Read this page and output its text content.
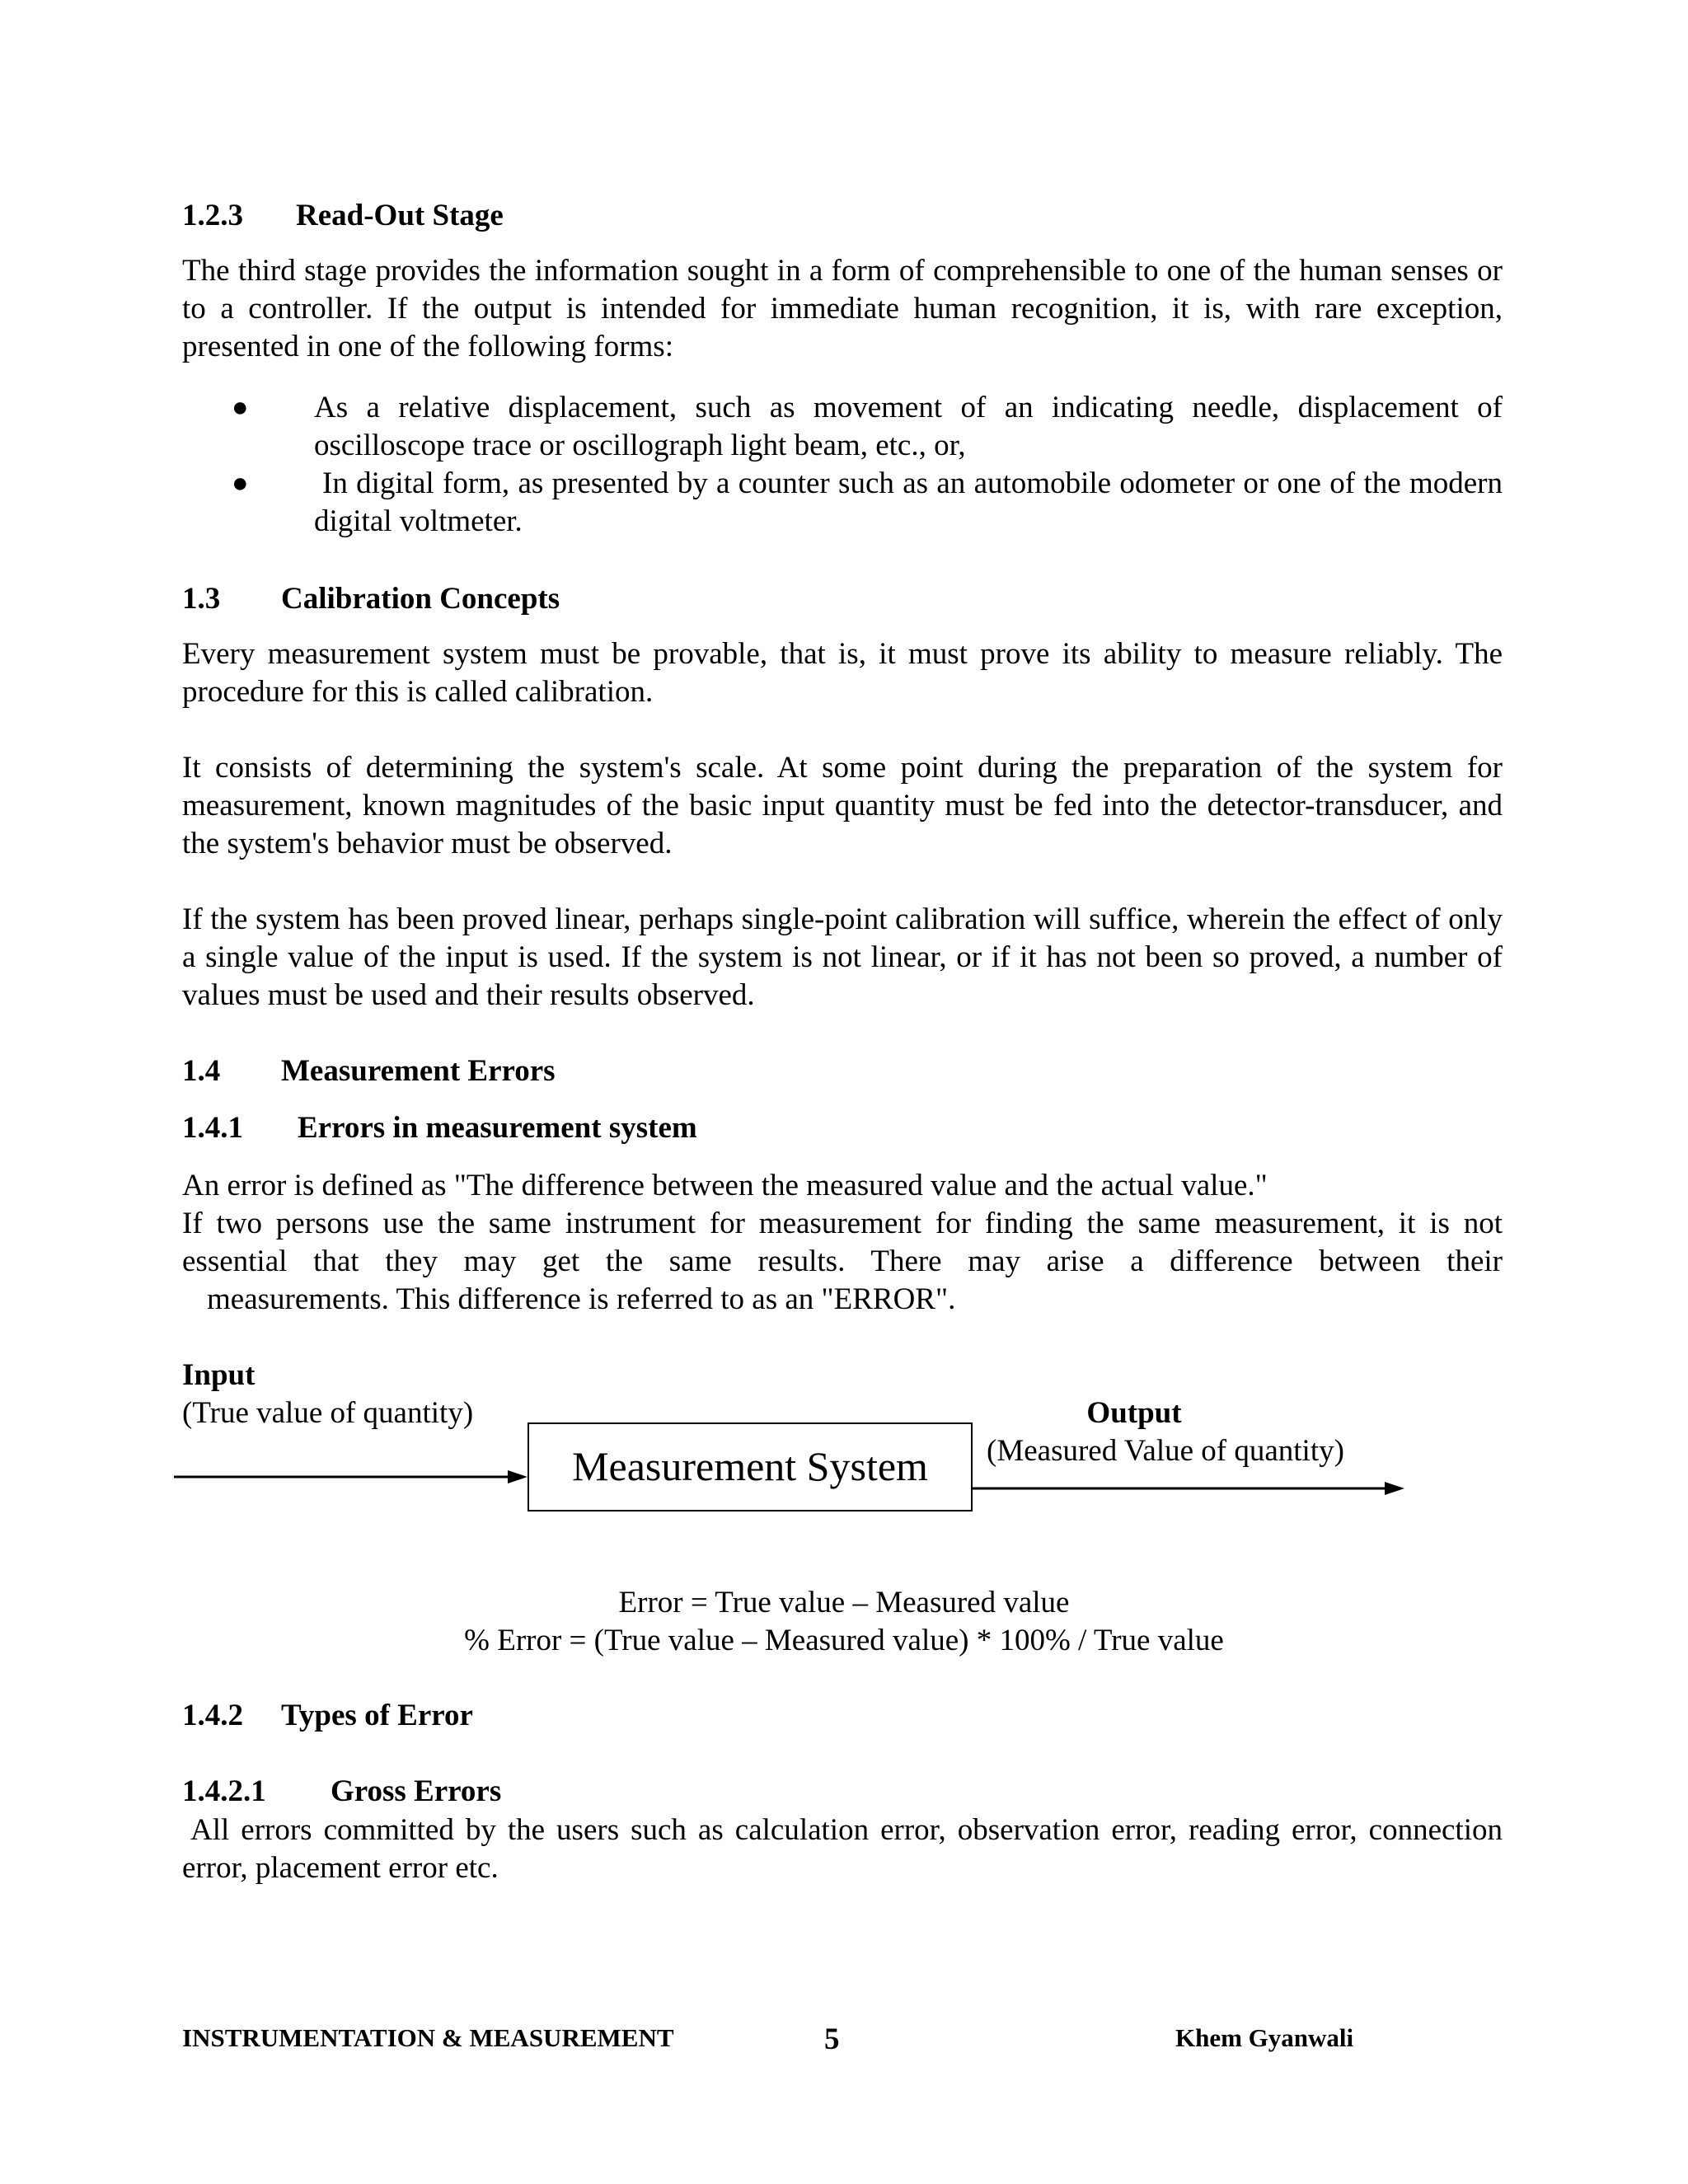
1.2.3 Read-Out Stage

The third stage provides the information sought in a form of comprehensible to one of the human senses or to a controller. If the output is intended for immediate human recognition, it is, with rare exception, presented in one of the following forms:

● As a relative displacement, such as movement of an indicating needle, displacement of oscilloscope trace or oscillograph light beam, etc., or,
● In digital form, as presented by a counter such as an automobile odometer or one of the modern digital voltmeter.
1.3 Calibration Concepts

Every measurement system must be provable, that is, it must prove its ability to measure reliably. The procedure for this is called calibration.

It consists of determining the system's scale. At some point during the preparation of the system for measurement, known magnitudes of the basic input quantity must be fed into the detector-transducer, and the system's behavior must be observed.

If the system has been proved linear, perhaps single-point calibration will suffice, wherein the effect of only a single value of the input is used. If the system is not linear, or if it has not been so proved, a number of values must be used and their results observed.

1.4 Measurement Errors
1.4.1 Errors in measurement system

An error is defined as "The difference between the measured value and the actual value."

If two persons use the same instrument for measurement for finding the same measurement, it is not essential that they may get the same results. There may arise a difference between their

measurements. This difference is referred to as an "ERROR".

Input
(True value of quantity)
Measurement System
Output
(Measured Value of quantity)
Error = True value – Measured value
% Error = (True value – Measured value) * 100% / True value
1.4.2 Types of Error
1.4.2.1 Gross Errors

All errors committed by the users such as calculation error, observation error, reading error, connection error, placement error etc.

INSTRUMENTATION & MEASUREMENT	5	Khem Gyanwali
